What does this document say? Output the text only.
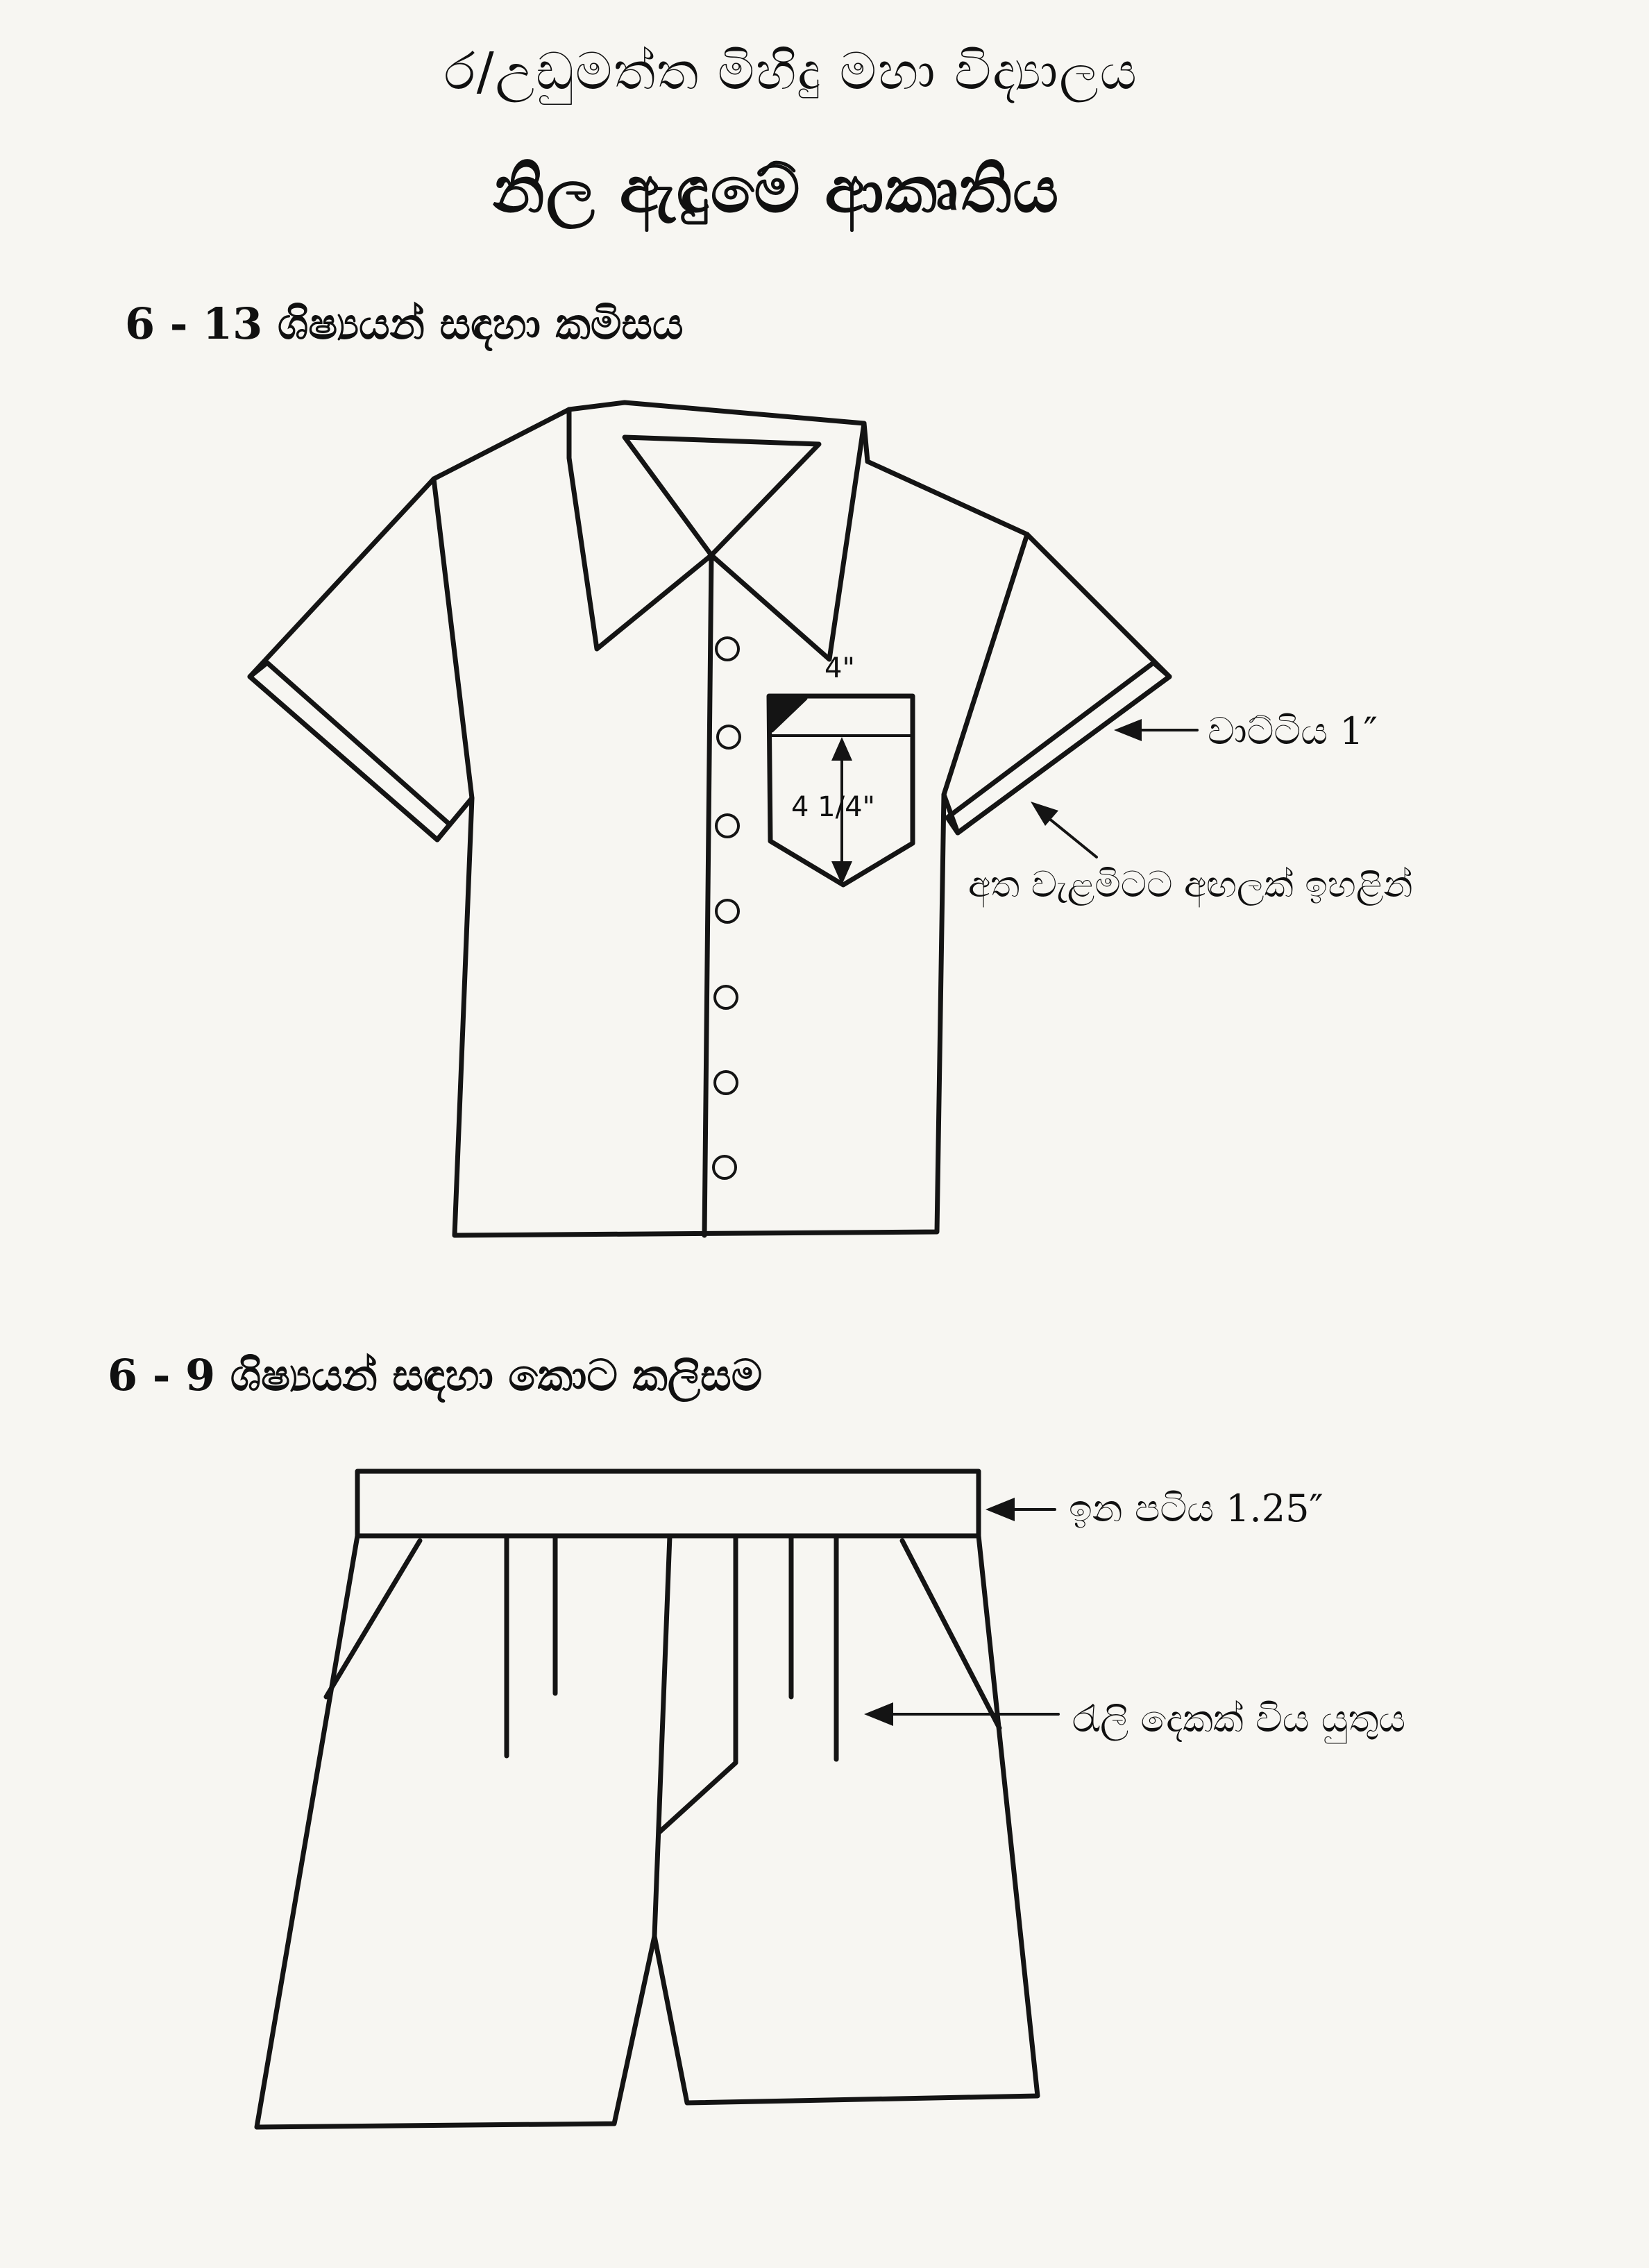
ර/උඩුමත්ත මිහිදු මහා විද්‍යාලය
නිල ඇඳුමේ ආකෘතිය
6 - 13 ශිෂ්‍යයන් සඳහා කමිසය
4"
4 1/4"
වාට්ටිය 1″
අත වැළමිටට අඟලක් ඉහළින්
6 - 9 ශිෂ්‍යයන් සඳහා කොට කලිසම
ඉන පටිය 1.25″
රැලි දෙකක් විය යුතුය
